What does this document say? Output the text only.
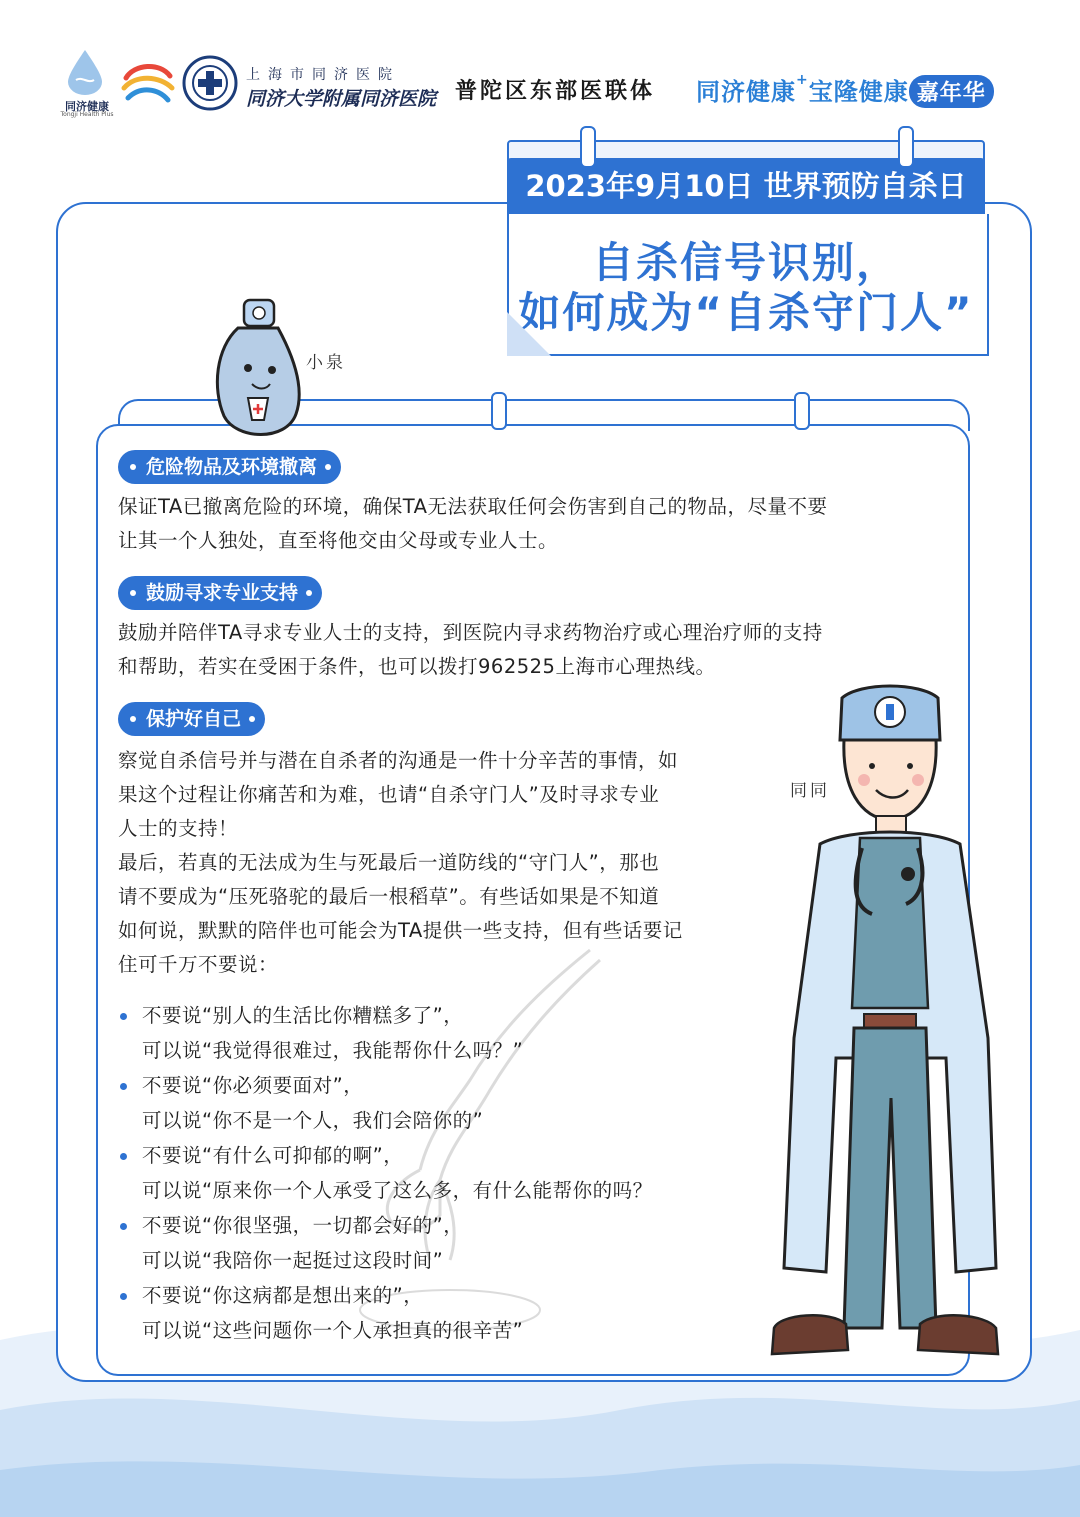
同济健康
Tongji Health Plus
上海市同济医院
同济大学附属同济医院 普陀区东部医联体 同济健康+宝隆健康 嘉年华
2023年9月10日 世界预防自杀日
自杀信号识别，
如何成为“自杀守门人”
小泉
危险物品及环境撤离
保证TA已撤离危险的环境，确保TA无法获取任何会伤害到自己的物品，尽量不要
让其一个人独处，直至将他交由父母或专业人士。
鼓励寻求专业支持
鼓励并陪伴TA寻求专业人士的支持，到医院内寻求药物治疗或心理治疗师的支持
和帮助，若实在受困于条件，也可以拨打962525上海市心理热线。
保护好自己
察觉自杀信号并与潜在自杀者的沟通是一件十分辛苦的事情，如
果这个过程让你痛苦和为难，也请“自杀守门人”及时寻求专业
人士的支持！
最后，若真的无法成为生与死最后一道防线的“守门人”，那也
请不要成为“压死骆驼的最后一根稻草”。有些话如果是不知道
如何说，默默的陪伴也可能会为TA提供一些支持，但有些话要记
住可千万不要说：
不要说“别人的生活比你糟糕多了”，
可以说“我觉得很难过，我能帮你什么吗？”
不要说“你必须要面对”，
可以说“你不是一个人，我们会陪你的”
不要说“有什么可抑郁的啊”，
可以说“原来你一个人承受了这么多，有什么能帮你的吗？
不要说“你很坚强，一切都会好的”，
可以说“我陪你一起挺过这段时间”
不要说“你这病都是想出来的”，
可以说“这些问题你一个人承担真的很辛苦”
同同
